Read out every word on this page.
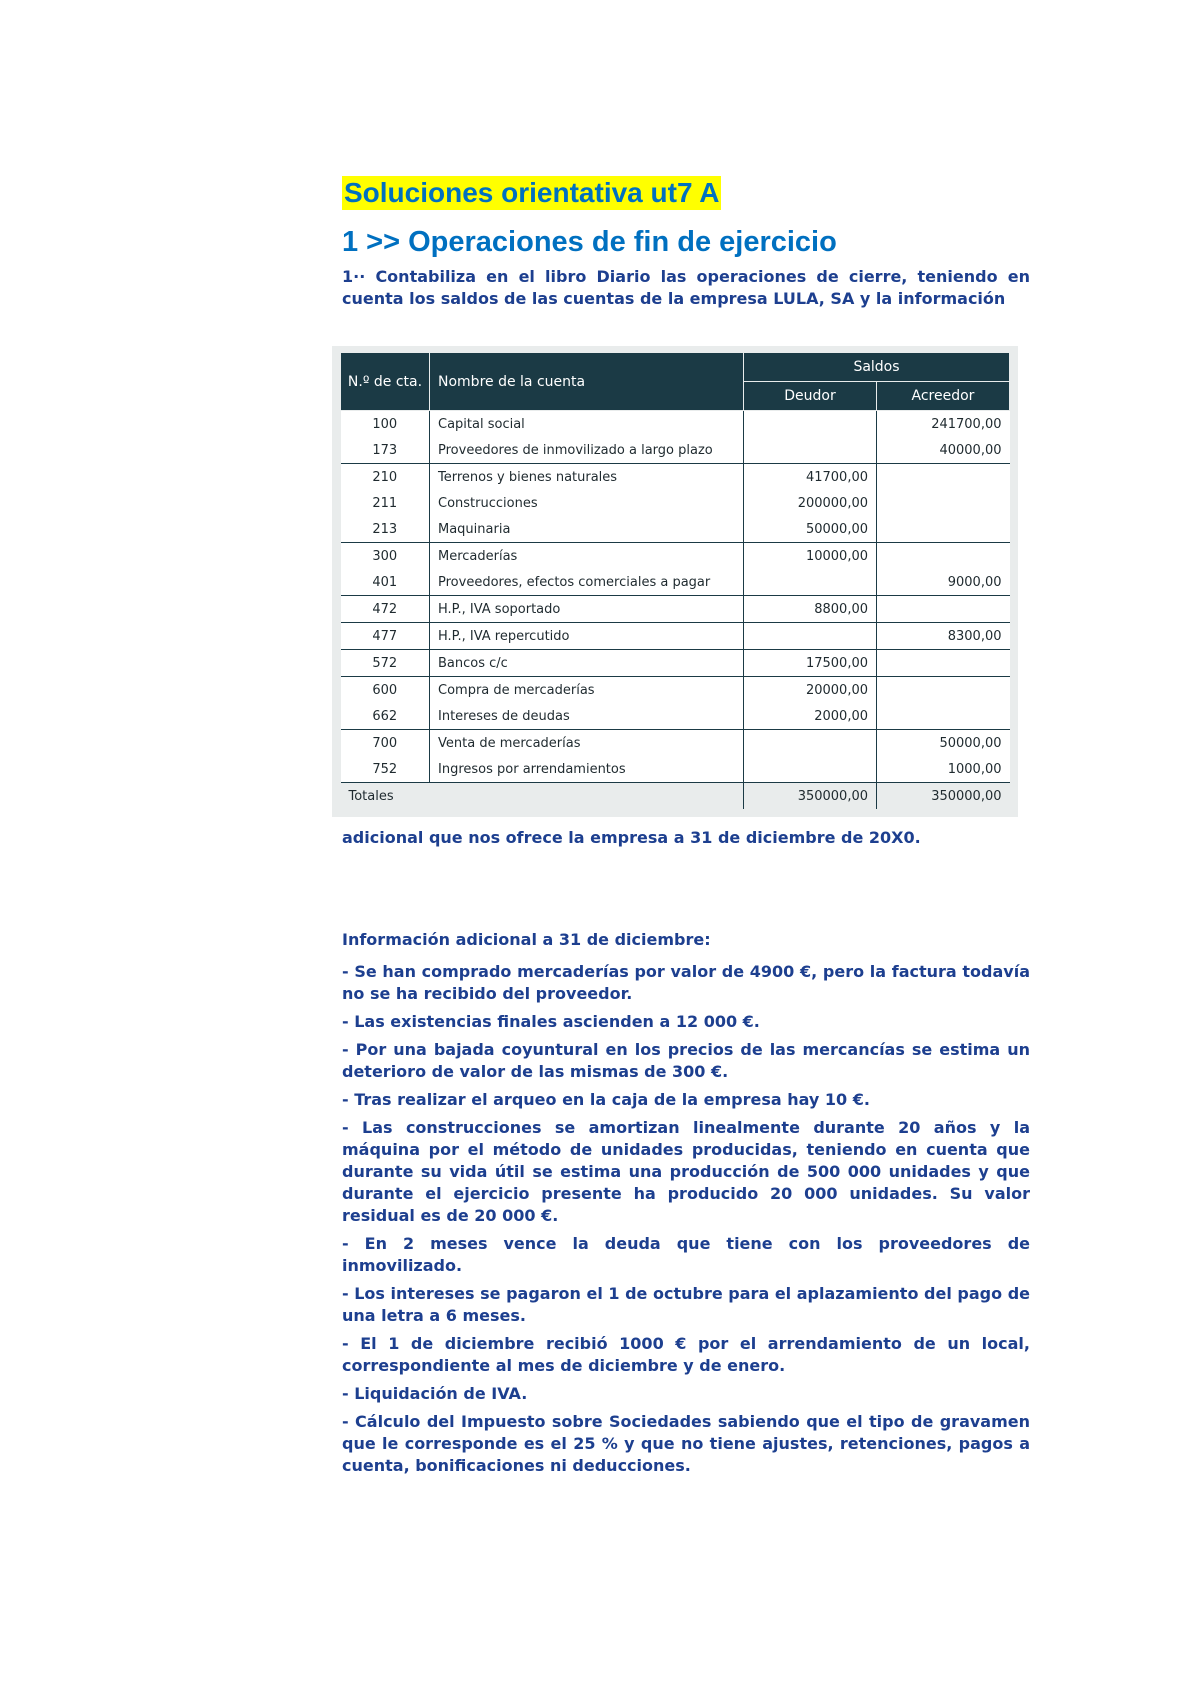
Soluciones orientativa ut7 A
1 >> Operaciones de fin de ejercicio

1·· Contabiliza en el libro Diario las operaciones de cierre, teniendo en cuenta los saldos de las cuentas de la empresa LULA, SA y la información

N.º de cta.	Nombre de la cuenta	Saldos	
		Deudor	Acreedor
100	Capital social		241700,00
173	Proveedores de inmovilizado a largo plazo		40000,00
210	Terrenos y bienes naturales	41700,00	
211	Construcciones	200000,00	
213	Maquinaria	50000,00	
300	Mercaderías	10000,00	
401	Proveedores, efectos comerciales a pagar		9000,00
472	H.P., IVA soportado	8800,00	
477	H.P., IVA repercutido		8300,00
572	Bancos c/c	17500,00	
600	Compra de mercaderías	20000,00	
662	Intereses de deudas	2000,00	
700	Venta de mercaderías		50000,00
752	Ingresos por arrendamientos		1000,00
Totales		350000,00	350000,00

adicional que nos ofrece la empresa a 31 de diciembre de 20X0.

Información adicional a 31 de diciembre:

- Se han comprado mercaderías por valor de 4900 €, pero la factura todavía no se ha recibido del proveedor.

- Las existencias finales ascienden a 12 000 €.

- Por una bajada coyuntural en los precios de las mercancías se estima un deterioro de valor de las mismas de 300 €.

- Tras realizar el arqueo en la caja de la empresa hay 10 €.

- Las construcciones se amortizan linealmente durante 20 años y la máquina por el método de unidades producidas, teniendo en cuenta que durante su vida útil se estima una producción de 500 000 unidades y que durante el ejercicio presente ha producido 20 000 unidades. Su valor residual es de 20 000 €.

- En 2 meses vence la deuda que tiene con los proveedores de inmovilizado.

- Los intereses se pagaron el 1 de octubre para el aplazamiento del pago de una letra a 6 meses.

- El 1 de diciembre recibió 1000 € por el arrendamiento de un local, correspondiente al mes de diciembre y de enero.

- Liquidación de IVA.

- Cálculo del Impuesto sobre Sociedades sabiendo que el tipo de gravamen que le corresponde es el 25 % y que no tiene ajustes, retenciones, pagos a cuenta, bonificaciones ni deducciones.
